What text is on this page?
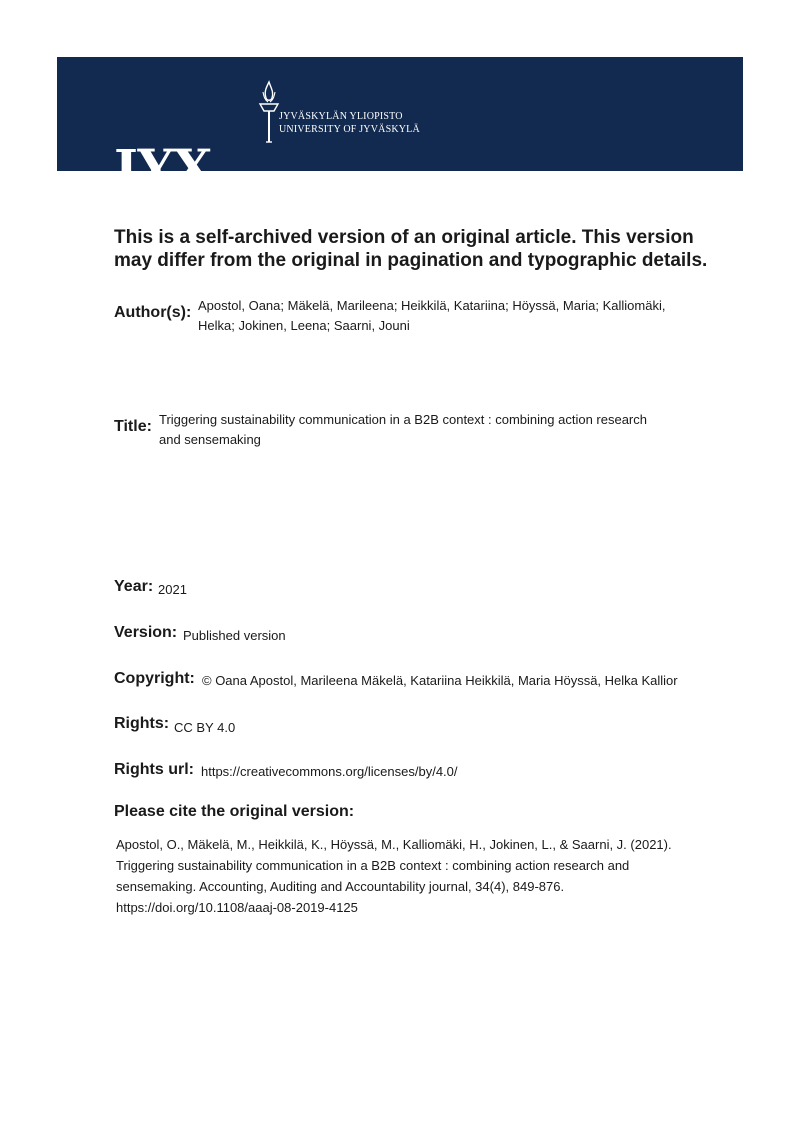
JYX
JYVÄSKYLÄN YLIOPISTO
UNIVERSITY OF JYVÄSKYLÄ
This is a self-archived version of an original article. This version
may differ from the original in pagination and typographic details.
Author(s): Apostol, Oana; Mäkelä, Marileena; Heikkilä, Katariina; Höyssä, Maria; Kalliomäki,
Helka; Jokinen, Leena; Saarni, Jouni
Title: Triggering sustainability communication in a B2B context : combining action research
and sensemaking
Year: 2021
Version: Published version
Copyright: © Oana Apostol, Marileena Mäkelä, Katariina Heikkilä, Maria Höyssä, Helka Kallior
Rights: CC BY 4.0
Rights url: https://creativecommons.org/licenses/by/4.0/
Please cite the original version:
Apostol, O., Mäkelä, M., Heikkilä, K., Höyssä, M., Kalliomäki, H., Jokinen, L., & Saarni, J. (2021).
Triggering sustainability communication in a B2B context : combining action research and
sensemaking. Accounting, Auditing and Accountability journal, 34(4), 849-876.
https://doi.org/10.1108/aaaj-08-2019-4125
